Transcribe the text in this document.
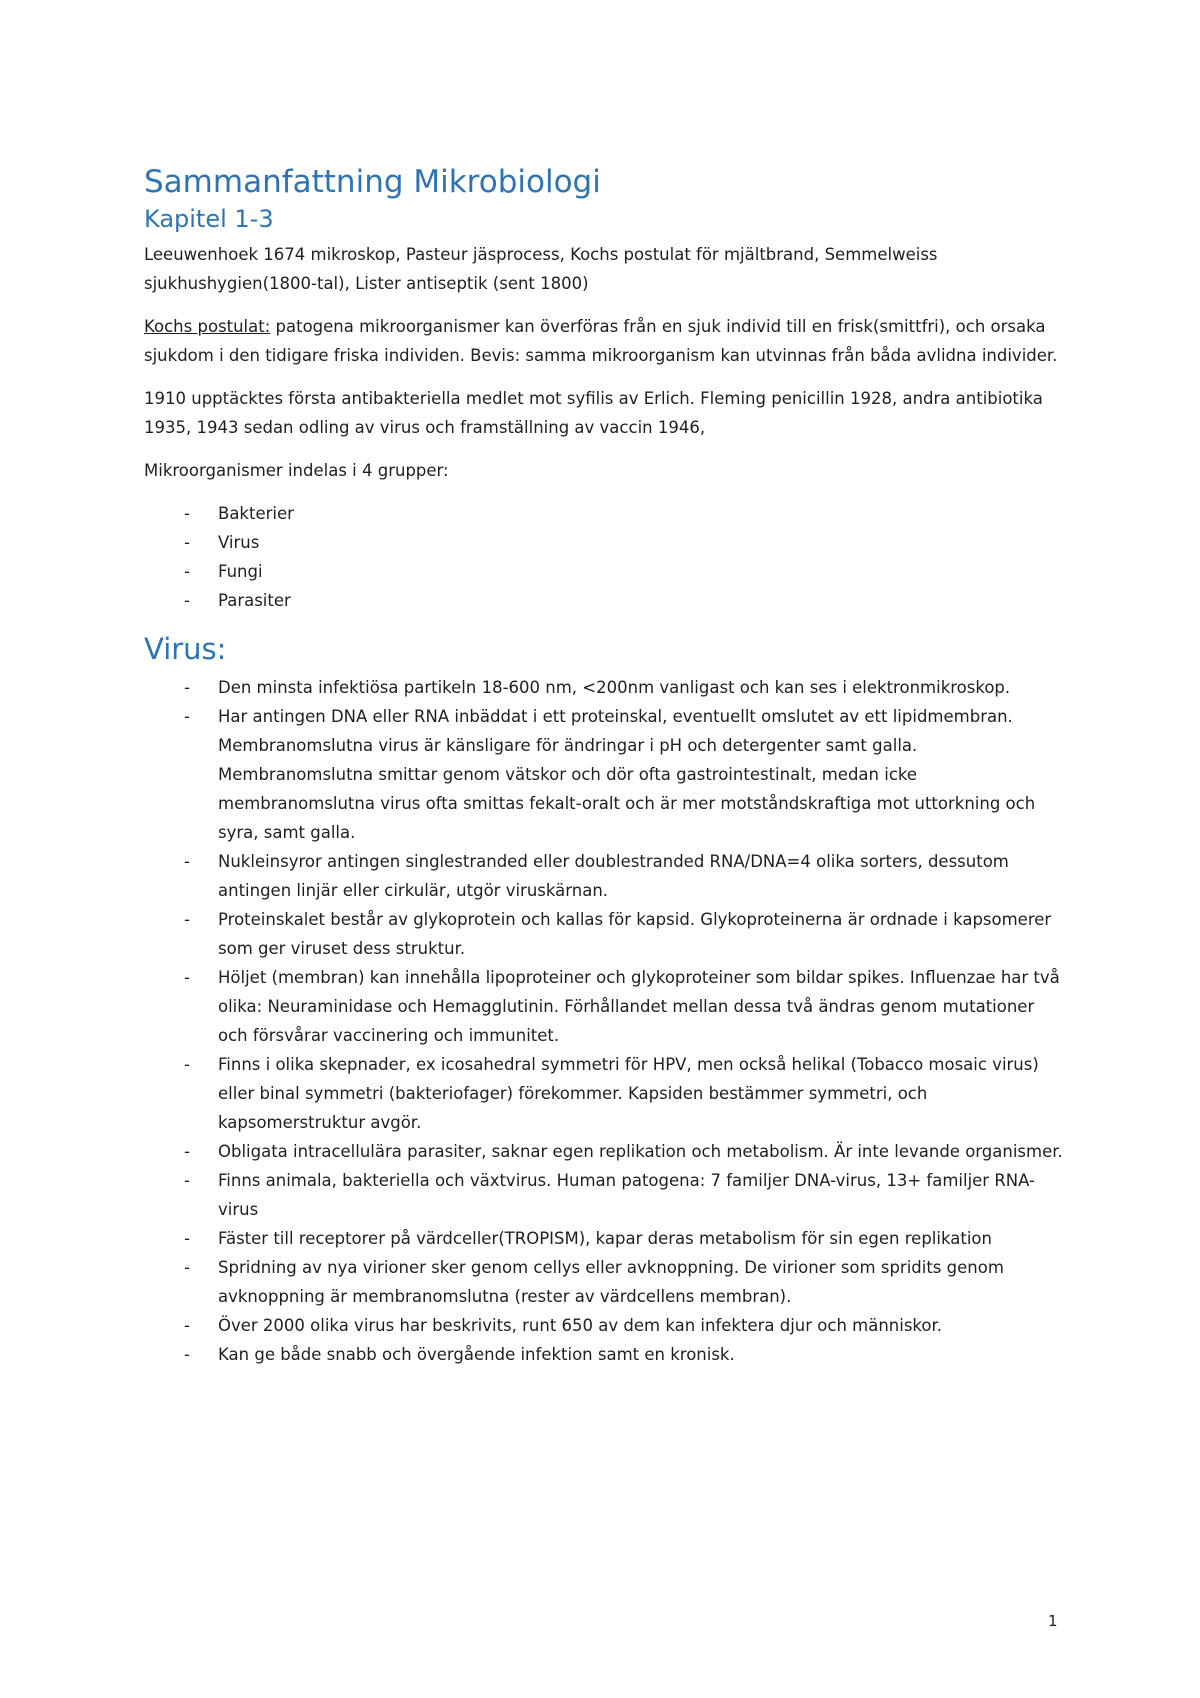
Sammanfattning Mikrobiologi
Kapitel 1-3

Leeuwenhoek 1674 mikroskop, Pasteur jäsprocess, Kochs postulat för mjältbrand, Semmelweiss sjukhushygien(1800-tal), Lister antiseptik (sent 1800)

Kochs postulat: patogena mikroorganismer kan överföras från en sjuk individ till en frisk(smittfri), och orsaka sjukdom i den tidigare friska individen. Bevis: samma mikroorganism kan utvinnas från båda avlidna individer.

1910 upptäcktes första antibakteriella medlet mot syfilis av Erlich. Fleming penicillin 1928, andra antibiotika 1935, 1943 sedan odling av virus och framställning av vaccin 1946,

Mikroorganismer indelas i 4 grupper:

- Bakterier
- Virus
- Fungi
- Parasiter
Virus:
- Den minsta infektiösa partikeln 18-600 nm, <200nm vanligast och kan ses i elektronmikroskop.
- Har antingen DNA eller RNA inbäddat i ett proteinskal, eventuellt omslutet av ett lipidmembran. Membranomslutna virus är känsligare för ändringar i pH och detergenter samt galla. Membranomslutna smittar genom vätskor och dör ofta gastrointestinalt, medan icke membranomslutna virus ofta smittas fekalt-oralt och är mer motståndskraftiga mot uttorkning och syra, samt galla.
- Nukleinsyror antingen singlestranded eller doublestranded RNA/DNA=4 olika sorters, dessutom antingen linjär eller cirkulär, utgör viruskärnan.
- Proteinskalet består av glykoprotein och kallas för kapsid. Glykoproteinerna är ordnade i kapsomerer som ger viruset dess struktur.
- Höljet (membran) kan innehålla lipoproteiner och glykoproteiner som bildar spikes. Influenzae har två olika: Neuraminidase och Hemagglutinin. Förhållandet mellan dessa två ändras genom mutationer och försvårar vaccinering och immunitet.
- Finns i olika skepnader, ex icosahedral symmetri för HPV, men också helikal (Tobacco mosaic virus) eller binal symmetri (bakteriofager) förekommer. Kapsiden bestämmer symmetri, och kapsomerstruktur avgör.
- Obligata intracellulära parasiter, saknar egen replikation och metabolism. Är inte levande organismer.
- Finns animala, bakteriella och växtvirus. Human patogena: 7 familjer DNA-virus, 13+ familjer RNA-virus
- Fäster till receptorer på värdceller(TROPISM), kapar deras metabolism för sin egen replikation
- Spridning av nya virioner sker genom cellys eller avknoppning. De virioner som spridits genom avknoppning är membranomslutna (rester av värdcellens membran).
- Över 2000 olika virus har beskrivits, runt 650 av dem kan infektera djur och människor.
- Kan ge både snabb och övergående infektion samt en kronisk.
1
